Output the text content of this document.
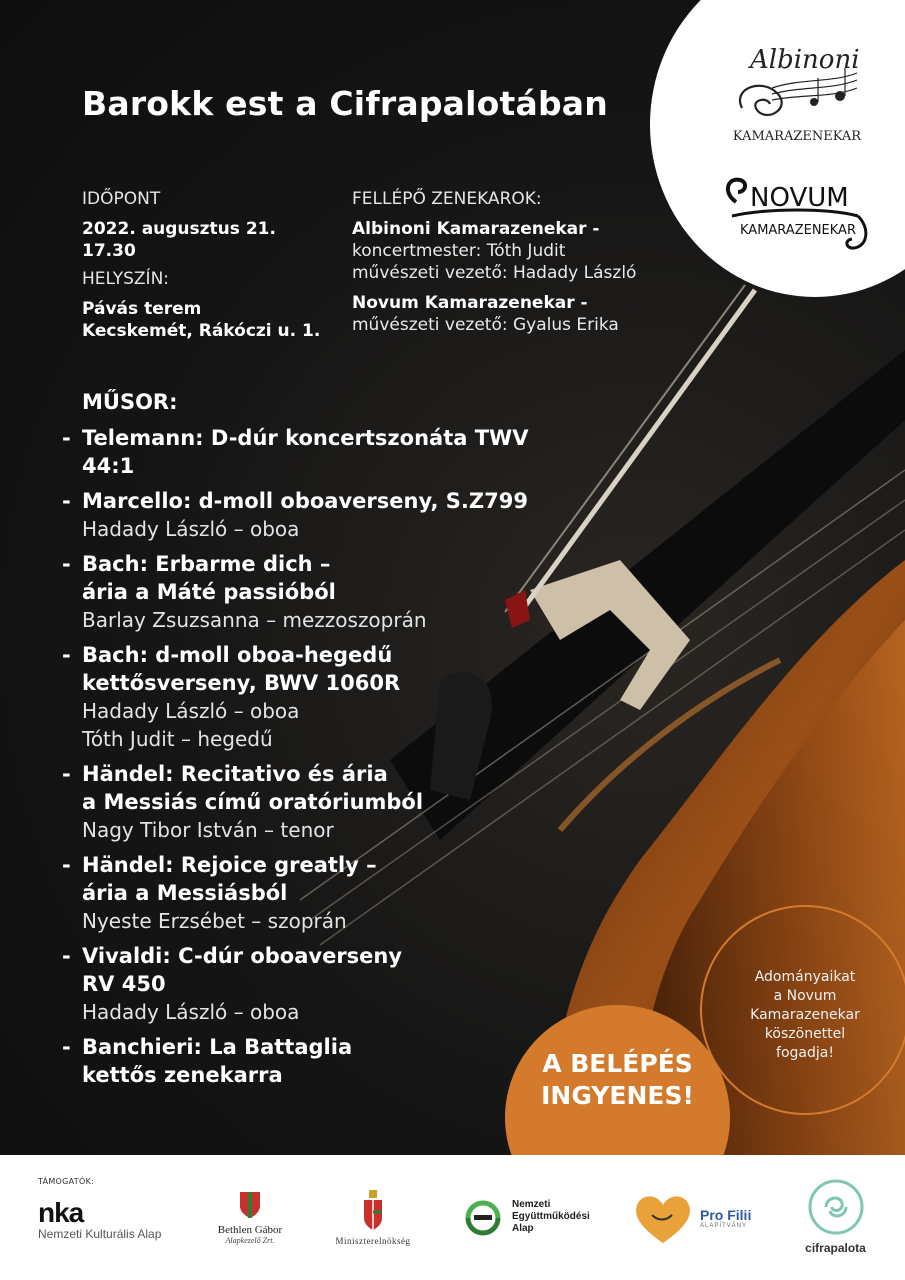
Barokk est a Cifrapalotában
IDŐPONT
2022. augusztus 21. 17.30
HELYSZÍN:
Pávás terem
Kecskemét, Rákóczi u. 1.
FELLÉPŐ ZENEKAROK:
Albinoni Kamarazenekar -
koncertmester: Tóth Judit
művészeti vezető: Hadady László
Novum Kamarazenekar -
művészeti vezető: Gyalus Erika
MŰSOR:
- Telemann: D-dúr koncertszonáta TWV 44:1
- Marcello: d-moll oboaverseny, S.Z799
Hadady László – oboa
- Bach: Erbarme dich –
ária a Máté passióból
Barlay Zsuzsanna – mezzoszoprán
- Bach: d-moll oboa-hegedű
kettősverseny, BWV 1060R
Hadady László – oboa
Tóth Judit – hegedű
- Händel: Recitativo és ária
a Messiás című oratóriumból
Nagy Tibor István – tenor
- Händel: Rejoice greatly –
ária a Messiásból
Nyeste Erzsébet – szoprán
- Vivaldi: C-dúr oboaverseny
RV 450
Hadady László – oboa
- Banchieri: La Battaglia
kettős zenekarra
Albinoni
KAMARAZENEKAR
NOVUM
KAMARAZENEKAR
Adományaikat
a Novum
Kamarazenekar
köszönettel
fogadja!
A BELÉPÉS
INGYENES!
TÁMOGATÓK:
nka
Nemzeti Kulturális Alap	Bethlen Gábor
Alapkezelő Zrt.	Miniszterelnökség
Nemzeti
Együttműködési
Alap
Pro Filii
ALAPÍTVÁNY
cifrapalota
